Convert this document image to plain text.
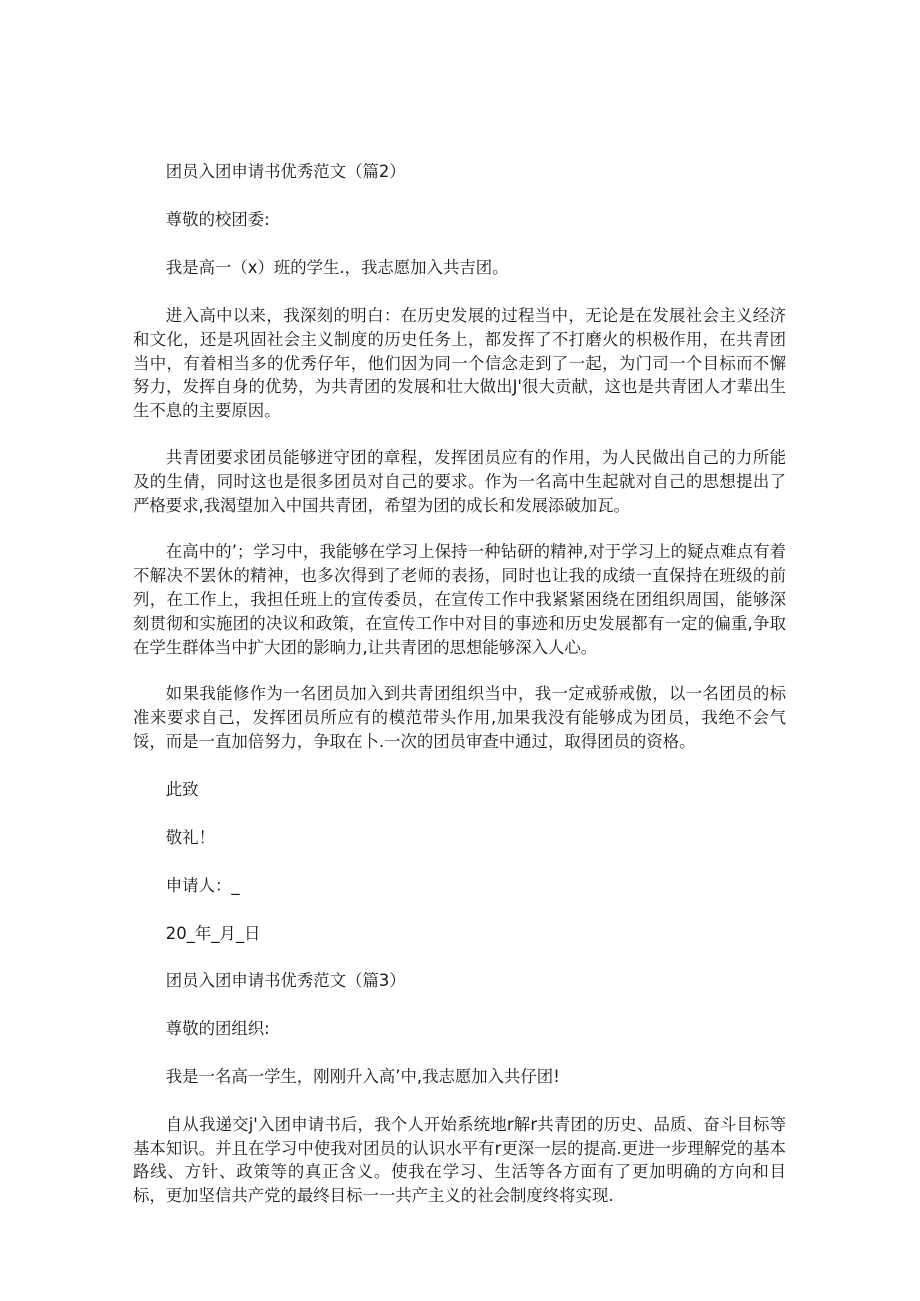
团员入团申请书优秀范文（篇2）

尊敬的校团委:

我是高一（x）班的学生.，我志愿加入共吉团。

进入高中以来，我深刻的明白：在历史发展的过程当中，无论是在发展社会主义经济和文化，还是巩固社会主义制度的历史任务上，都发挥了不打磨火的枳极作用，在共青团当中，有着相当多的优秀仔年，他们因为同一个信念走到了一起，为门司一个目标而不懈努力，发挥自身的优势，为共青团的发展和壮大做出J'很大贡献，这也是共青团人才辈出生生不息的主要原因。

共青团要求团员能够迸守团的章程，发挥团员应有的作用，为人民做出自己的力所能及的生倩，同时这也是很多团员对自己的要求。作为一名高中生起就对自己的思想提出了严格要求,我渴望加入中国共青团，希望为团的成长和发展添破加瓦。

在高中的’；学习中，我能够在学习上保持一种钻研的精神,对于学习上的疑点难点有着不解决不罢休的精神，也多次得到了老师的表扬，同时也让我的成绩一直保持在班级的前列，在工作上，我担任班上的宣传委员，在宣传工作中我紧紧困绕在团组织周国，能够深刻贯彻和实施团的决议和政策，在宣传工作中对目的事迹和历史发展都有一定的偏重,争取在学生群体当中扩大团的影晌力,让共青团的思想能够深入人心。

如果我能修作为一名团员加入到共青团组织当中，我一定戒骄戒傲，以一名团员的标准来要求自己，发挥团员所应有的模范带头作用,加果我没有能够成为团员，我绝不会气馁，而是一直加倍努力，争取在卜.一次的团员审查中通过，取得团员的资格。

此致

敬礼！

申请人：_

20_年_月_日

团员入团申请书优秀范文（篇3）

尊敬的团组织:

我是一名高一学生，刚刚升入高’中,我志愿加入共仔团!

自从我递交j'入团申请书后，我个人开始系统地r解r共青团的历史、品质、奋斗目标等基本知识。并且在学习中使我对团员的认识水平有r更深一层的提高.更进一步理解党的基本路线、方针、政策等的真正含义。使我在学习、生活等各方面有了更加明确的方向和目标，更加坚信共产党的最终目标一一共产主义的社会制度终将实现.
